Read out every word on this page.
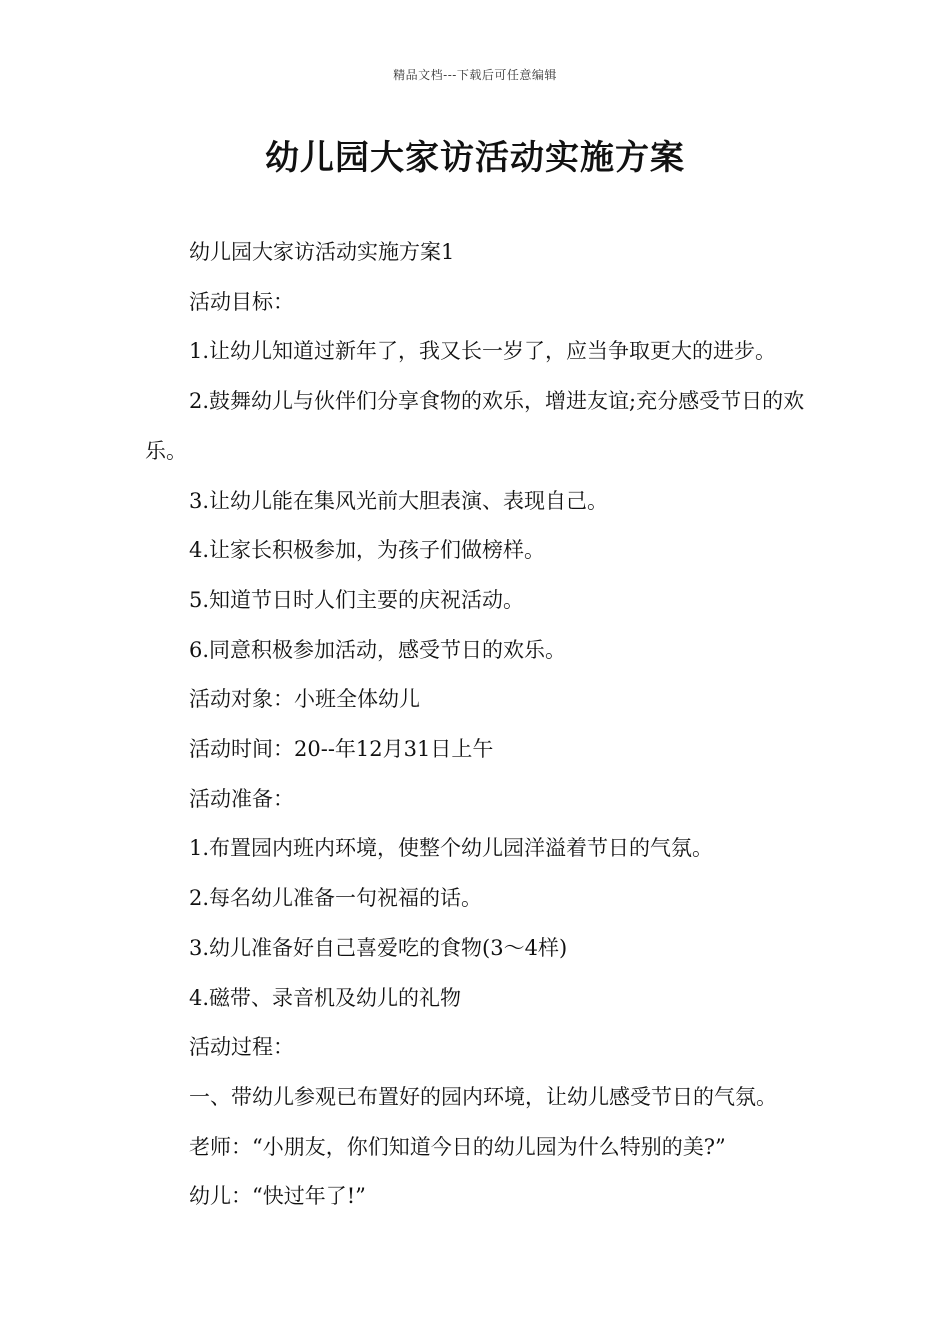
精品文档---下载后可任意编辑
幼儿园大家访活动实施方案

幼儿园大家访活动实施方案1

活动目标：

1.让幼儿知道过新年了，我又长一岁了，应当争取更大的进步。

2.鼓舞幼儿与伙伴们分享食物的欢乐，增进友谊;充分感受节日的欢乐。

3.让幼儿能在集风光前大胆表演、表现自己。

4.让家长积极参加，为孩子们做榜样。

5.知道节日时人们主要的庆祝活动。

6.同意积极参加活动，感受节日的欢乐。

活动对象：小班全体幼儿

活动时间：20--年12月31日上午

活动准备：

1.布置园内班内环境，使整个幼儿园洋溢着节日的气氛。

2.每名幼儿准备一句祝福的话。

3.幼儿准备好自己喜爱吃的食物(3～4样)

4.磁带、录音机及幼儿的礼物

活动过程：

一、带幼儿参观已布置好的园内环境，让幼儿感受节日的气氛。

老师：“小朋友，你们知道今日的幼儿园为什么特别的美?”

幼儿：“快过年了!”
